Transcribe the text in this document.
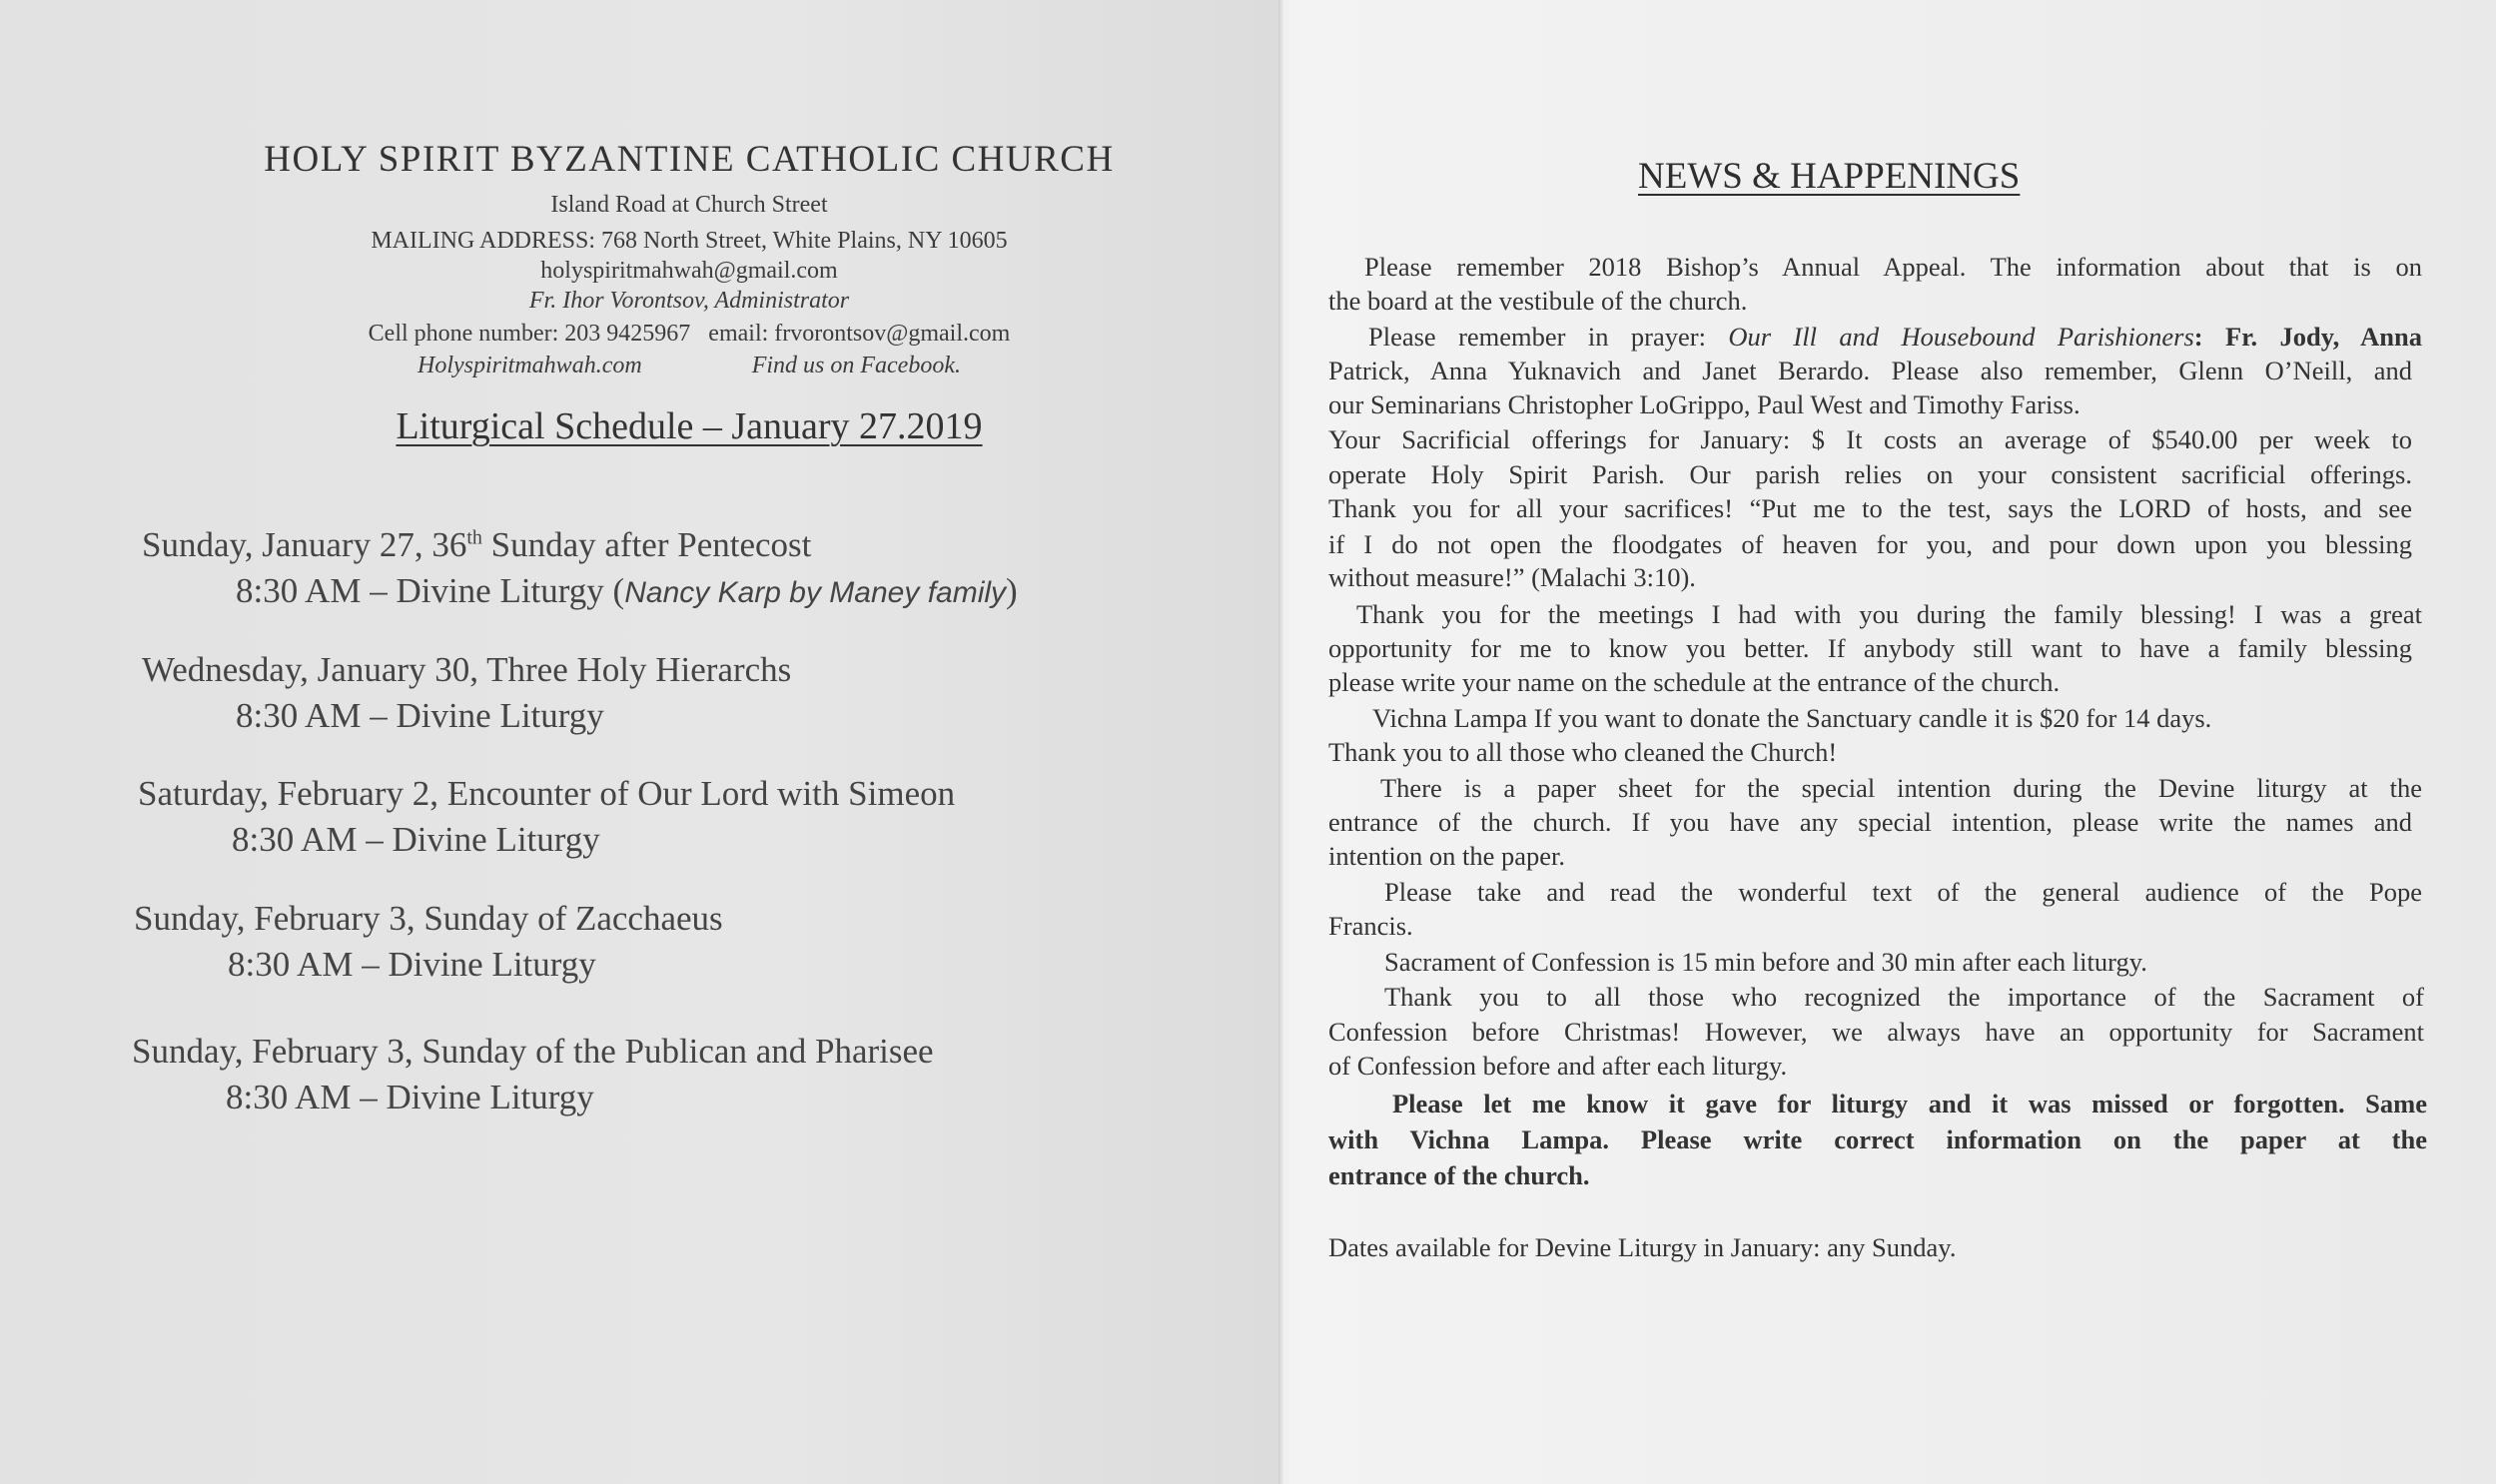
HOLY SPIRIT BYZANTINE CATHOLIC CHURCH
Island Road at Church Street
MAILING ADDRESS: 768 North Street, White Plains, NY 10605
holyspiritmahwah@gmail.com
Fr. Ihor Vorontsov, Administrator
Cell phone number: 203 9425967 email: frvorontsov@gmail.com
Holyspiritmahwah.com	Find us on Facebook.
Liturgical Schedule – January 27.2019
Sunday, January 27, 36th Sunday after Pentecost
8:30 AM – Divine Liturgy (Nancy Karp by Maney family)
Wednesday, January 30, Three Holy Hierarchs
8:30 AM – Divine Liturgy
Saturday, February 2, Encounter of Our Lord with Simeon
8:30 AM – Divine Liturgy
Sunday, February 3, Sunday of Zacchaeus
8:30 AM – Divine Liturgy
Sunday, February 3, Sunday of the Publican and Pharisee
8:30 AM – Divine Liturgy
NEWS & HAPPENINGS
Please remember 2018 Bishop’s Annual Appeal. The information about that is on
the board at the vestibule of the church.
Please remember in prayer: Our Ill and Housebound Parishioners: Fr. Jody, Anna
Patrick, Anna Yuknavich and Janet Berardo. Please also remember, Glenn O’Neill, and
our Seminarians Christopher LoGrippo, Paul West and Timothy Fariss.
Your Sacrificial offerings for January: $ It costs an average of $540.00 per week to
operate Holy Spirit Parish. Our parish relies on your consistent sacrificial offerings.
Thank you for all your sacrifices! “Put me to the test, says the LORD of hosts, and see
if I do not open the floodgates of heaven for you, and pour down upon you blessing
without measure!” (Malachi 3:10).
Thank you for the meetings I had with you during the family blessing! I was a great
opportunity for me to know you better. If anybody still want to have a family blessing
please write your name on the schedule at the entrance of the church.
Vichna Lampa If you want to donate the Sanctuary candle it is $20 for 14 days.
Thank you to all those who cleaned the Church!
There is a paper sheet for the special intention during the Devine liturgy at the
entrance of the church. If you have any special intention, please write the names and
intention on the paper.
Please take and read the wonderful text of the general audience of the Pope
Francis.
Sacrament of Confession is 15 min before and 30 min after each liturgy.
Thank you to all those who recognized the importance of the Sacrament of
Confession before Christmas! However, we always have an opportunity for Sacrament
of Confession before and after each liturgy.
Please let me know it gave for liturgy and it was missed or forgotten. Same
with Vichna Lampa. Please write correct information on the paper at the
entrance of the church.
Dates available for Devine Liturgy in January: any Sunday.
